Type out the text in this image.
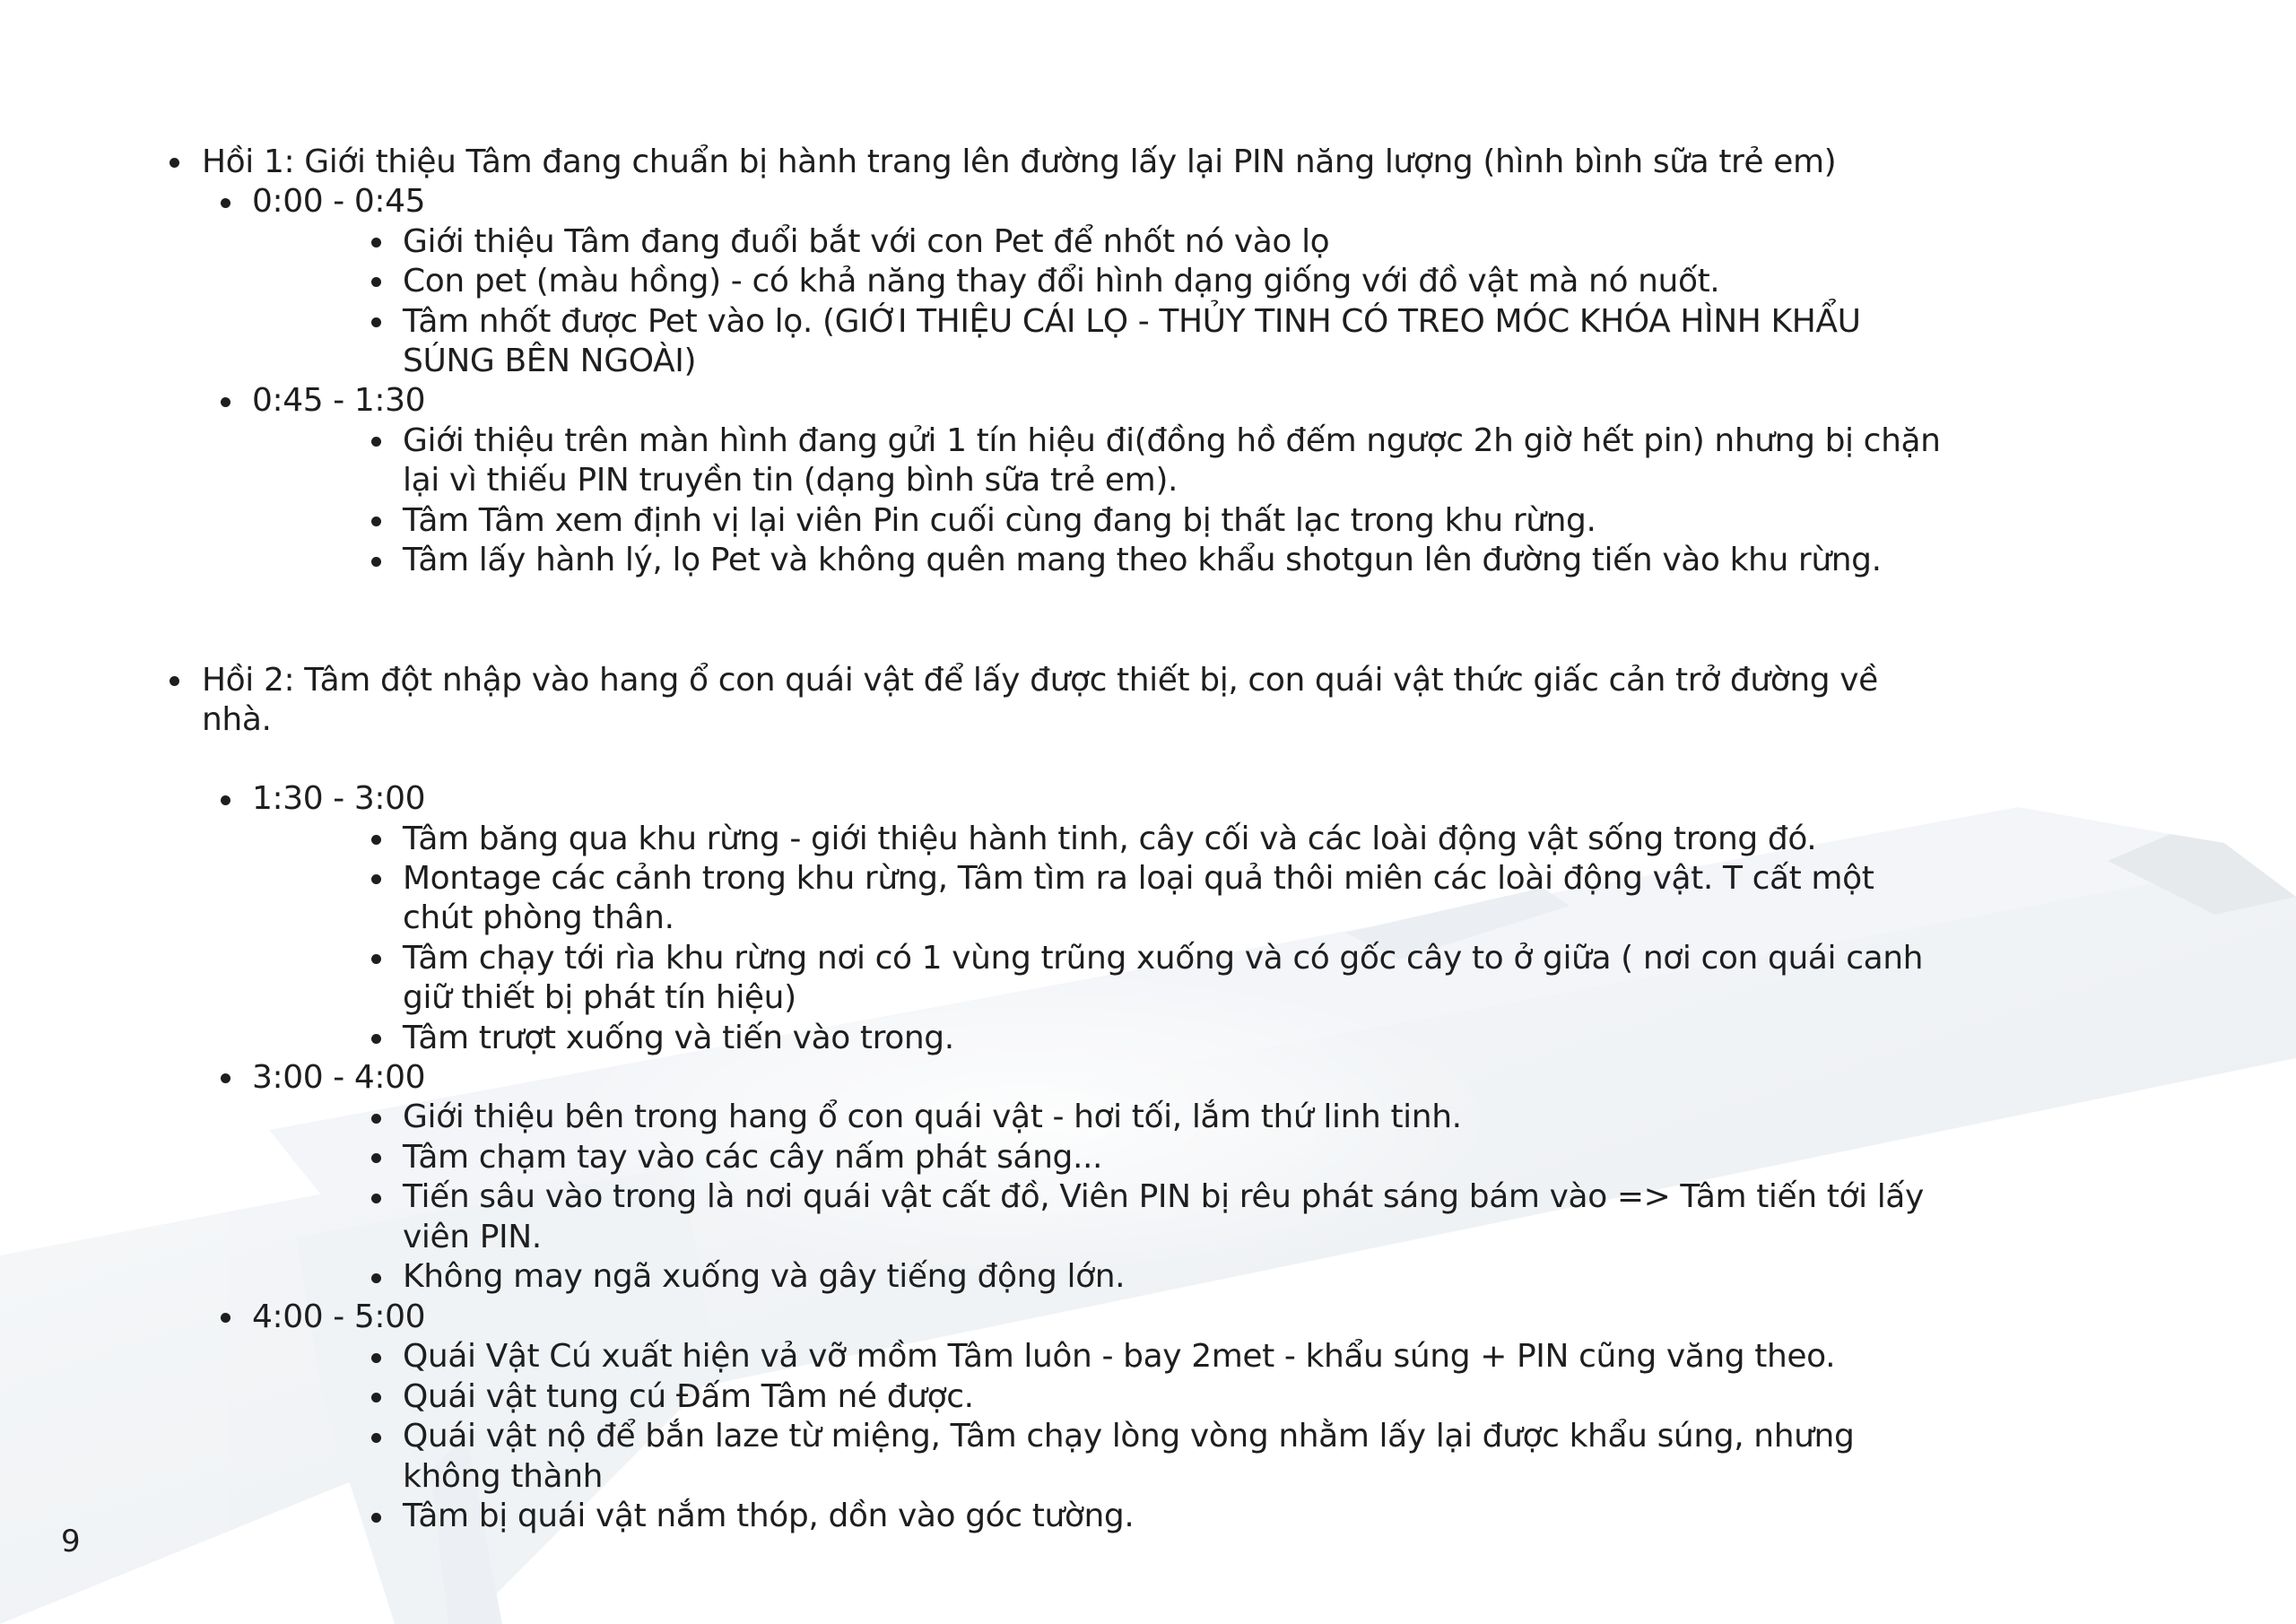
Hồi 1: Giới thiệu Tâm đang chuẩn bị hành trang lên đường lấy lại PIN năng lượng (hình bình sữa trẻ em)
0:00 - 0:45
Giới thiệu Tâm đang đuổi bắt với con Pet để nhốt nó vào lọ
Con pet (màu hồng) - có khả năng thay đổi hình dạng giống với đồ vật mà nó nuốt.
Tâm nhốt được Pet vào lọ. (GIỚI THIỆU CÁI LỌ - THỦY TINH CÓ TREO MÓC KHÓA HÌNH KHẨU
SÚNG BÊN NGOÀI)
0:45 - 1:30
Giới thiệu trên màn hình đang gửi 1 tín hiệu đi(đồng hồ đếm ngược 2h giờ hết pin) nhưng bị chặn
lại vì thiếu PIN truyền tin (dạng bình sữa trẻ em).
Tâm Tâm xem định vị lại viên Pin cuối cùng đang bị thất lạc trong khu rừng.
Tâm lấy hành lý, lọ Pet và không quên mang theo khẩu shotgun lên đường tiến vào khu rừng.
Hồi 2: Tâm đột nhập vào hang ổ con quái vật để lấy được thiết bị, con quái vật thức giấc cản trở đường về
nhà.
1:30 - 3:00
Tâm băng qua khu rừng - giới thiệu hành tinh, cây cối và các loài động vật sống trong đó.
Montage các cảnh trong khu rừng, Tâm tìm ra loại quả thôi miên các loài động vật. T cất một
chút phòng thân.
Tâm chạy tới rìa khu rừng nơi có 1 vùng trũng xuống và có gốc cây to ở giữa ( nơi con quái canh
giữ thiết bị phát tín hiệu)
Tâm trượt xuống và tiến vào trong.
3:00 - 4:00
Giới thiệu bên trong hang ổ con quái vật - hơi tối, lắm thứ linh tinh.
Tâm chạm tay vào các cây nấm phát sáng...
Tiến sâu vào trong là nơi quái vật cất đồ, Viên PIN bị rêu phát sáng bám vào => Tâm tiến tới lấy
viên PIN.
Không may ngã xuống và gây tiếng động lớn.
4:00 - 5:00
Quái Vật Cú xuất hiện vả vỡ mồm Tâm luôn - bay 2met - khẩu súng + PIN cũng văng theo.
Quái vật tung cú Đấm Tâm né được.
Quái vật nộ để bắn laze từ miệng, Tâm chạy lòng vòng nhằm lấy lại được khẩu súng, nhưng
không thành
Tâm bị quái vật nắm thóp, dồn vào góc tường.
9
